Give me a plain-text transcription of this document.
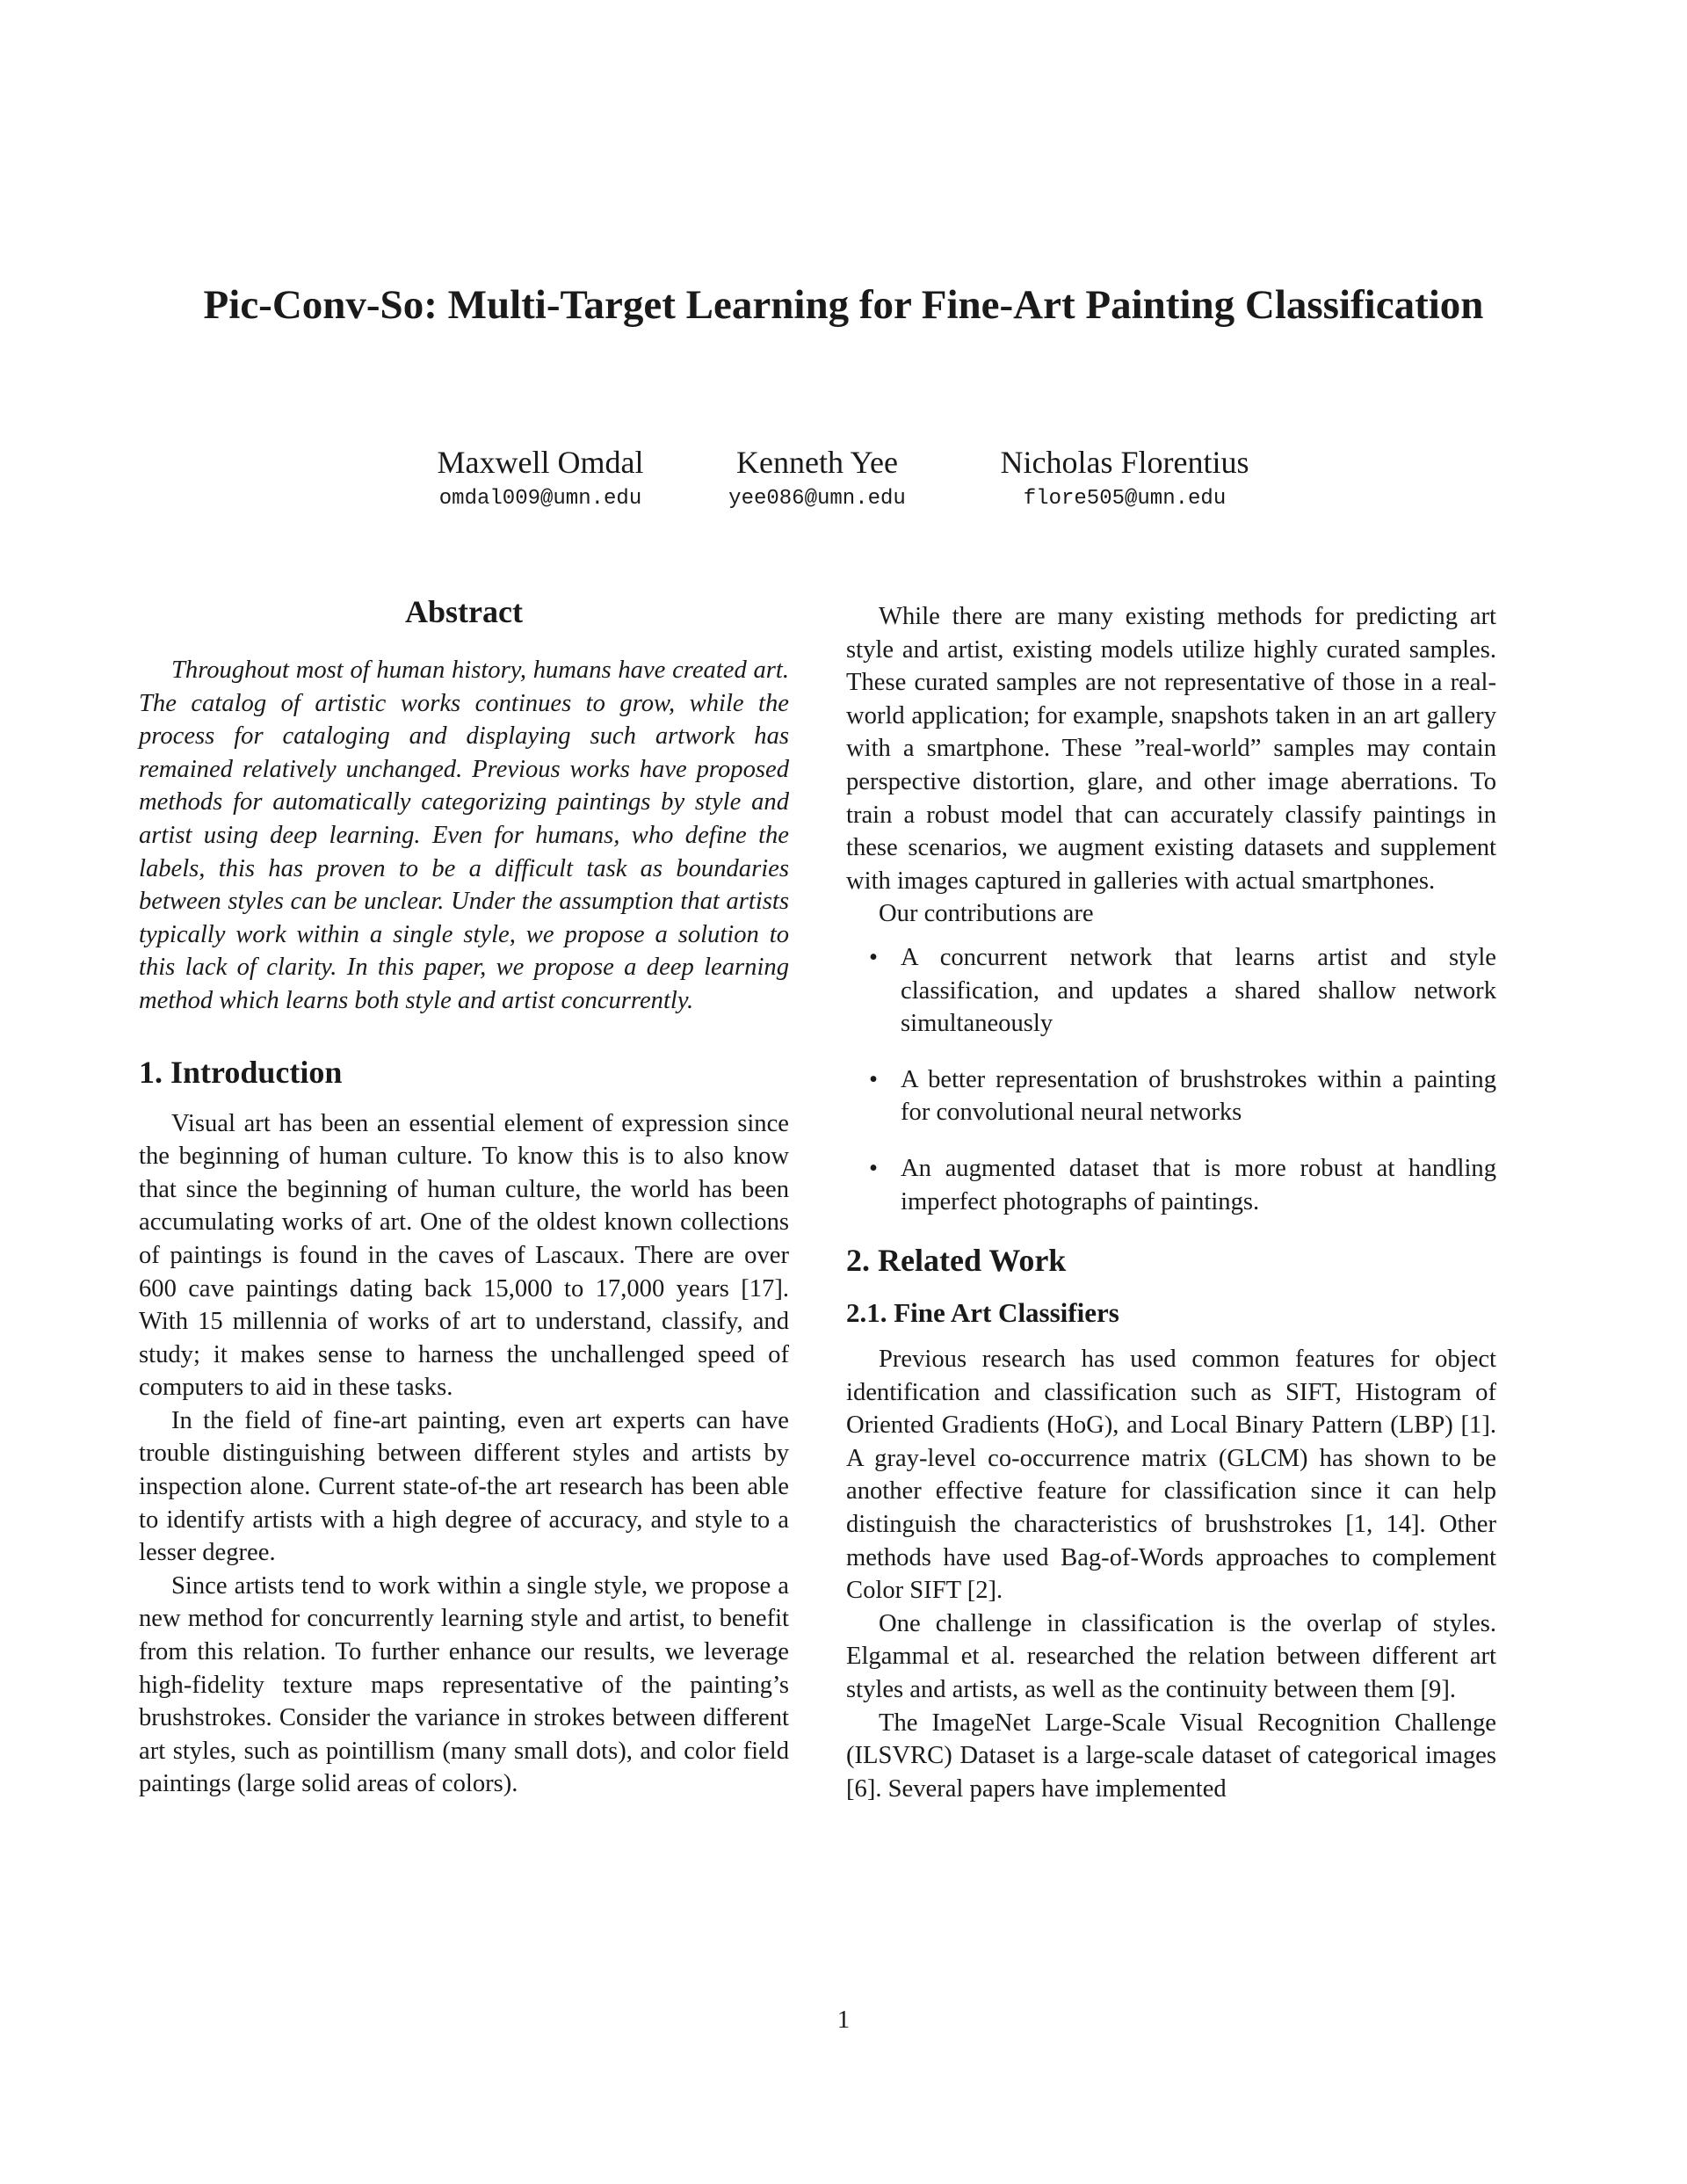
Pic-Conv-So: Multi-Target Learning for Fine-Art Painting Classification
Maxwell Omdal
omdal009@umn.edu
Kenneth Yee
yee086@umn.edu
Nicholas Florentius
flore505@umn.edu
Abstract

Throughout most of human history, humans have created art. The catalog of artistic works continues to grow, while the process for cataloging and displaying such artwork has remained relatively unchanged. Previous works have proposed methods for automatically categorizing paintings by style and artist using deep learning. Even for humans, who define the labels, this has proven to be a difficult task as boundaries between styles can be unclear. Under the assumption that artists typically work within a single style, we propose a solution to this lack of clarity. In this paper, we propose a deep learning method which learns both style and artist concurrently.

1. Introduction

Visual art has been an essential element of expression since the beginning of human culture. To know this is to also know that since the beginning of human culture, the world has been accumulating works of art. One of the oldest known collections of paintings is found in the caves of Lascaux. There are over 600 cave paintings dating back 15,000 to 17,000 years [17]. With 15 millennia of works of art to understand, classify, and study; it makes sense to harness the unchallenged speed of computers to aid in these tasks.

In the field of fine-art painting, even art experts can have trouble distinguishing between different styles and artists by inspection alone. Current state-of-the art research has been able to identify artists with a high degree of accuracy, and style to a lesser degree.

Since artists tend to work within a single style, we propose a new method for concurrently learning style and artist, to benefit from this relation. To further enhance our results, we leverage high-fidelity texture maps representative of the painting’s brushstrokes. Consider the variance in strokes between different art styles, such as pointillism (many small dots), and color field paintings (large solid areas of colors).

While there are many existing methods for predicting art style and artist, existing models utilize highly curated samples. These curated samples are not representative of those in a real-world application; for example, snapshots taken in an art gallery with a smartphone. These ”real-world” samples may contain perspective distortion, glare, and other image aberrations. To train a robust model that can accurately classify paintings in these scenarios, we augment existing datasets and supplement with images captured in galleries with actual smartphones.

Our contributions are

• A concurrent network that learns artist and style classification, and updates a shared shallow network simultaneously
• A better representation of brushstrokes within a painting for convolutional neural networks
• An augmented dataset that is more robust at handling imperfect photographs of paintings.
2. Related Work
2.1. Fine Art Classifiers

Previous research has used common features for object identification and classification such as SIFT, Histogram of Oriented Gradients (HoG), and Local Binary Pattern (LBP) [1]. A gray-level co-occurrence matrix (GLCM) has shown to be another effective feature for classification since it can help distinguish the characteristics of brushstrokes [1, 14]. Other methods have used Bag-of-Words approaches to complement Color SIFT [2].

One challenge in classification is the overlap of styles. Elgammal et al. researched the relation between different art styles and artists, as well as the continuity between them [9].

The ImageNet Large-Scale Visual Recognition Challenge (ILSVRC) Dataset is a large-scale dataset of categorical images [6]. Several papers have implemented

1
